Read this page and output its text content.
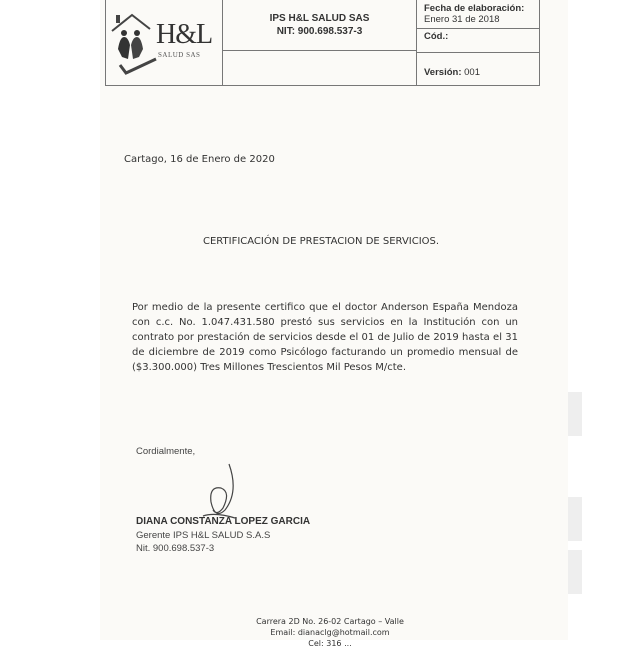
H&L
SALUD SAS
IPS H&L SALUD SAS
NIT: 900.698.537-3
Fecha de elaboración:
Enero 31 de 2018
Cód.:
Versión: 001
Cartago, 16 de Enero de 2020
CERTIFICACIÓN DE PRESTACION DE SERVICIOS.
Por medio de la presente certifico que el doctor Anderson España Mendoza con c.c. No. 1.047.431.580 prestó sus servicios en la Institución con un contrato por prestación de servicios desde el 01 de Julio de 2019 hasta el 31 de diciembre de 2019 como Psicólogo facturando un promedio mensual de ($3.300.000) Tres Millones Trescientos Mil Pesos M/cte.
Cordialmente,
DIANA CONSTANZA LOPEZ GARCIA
Gerente IPS H&L SALUD S.A.S
Nit. 900.698.537-3
Carrera 2D No. 26-02 Cartago – Valle
Email: dianaclg@hotmail.com
Cel: 316 ...
